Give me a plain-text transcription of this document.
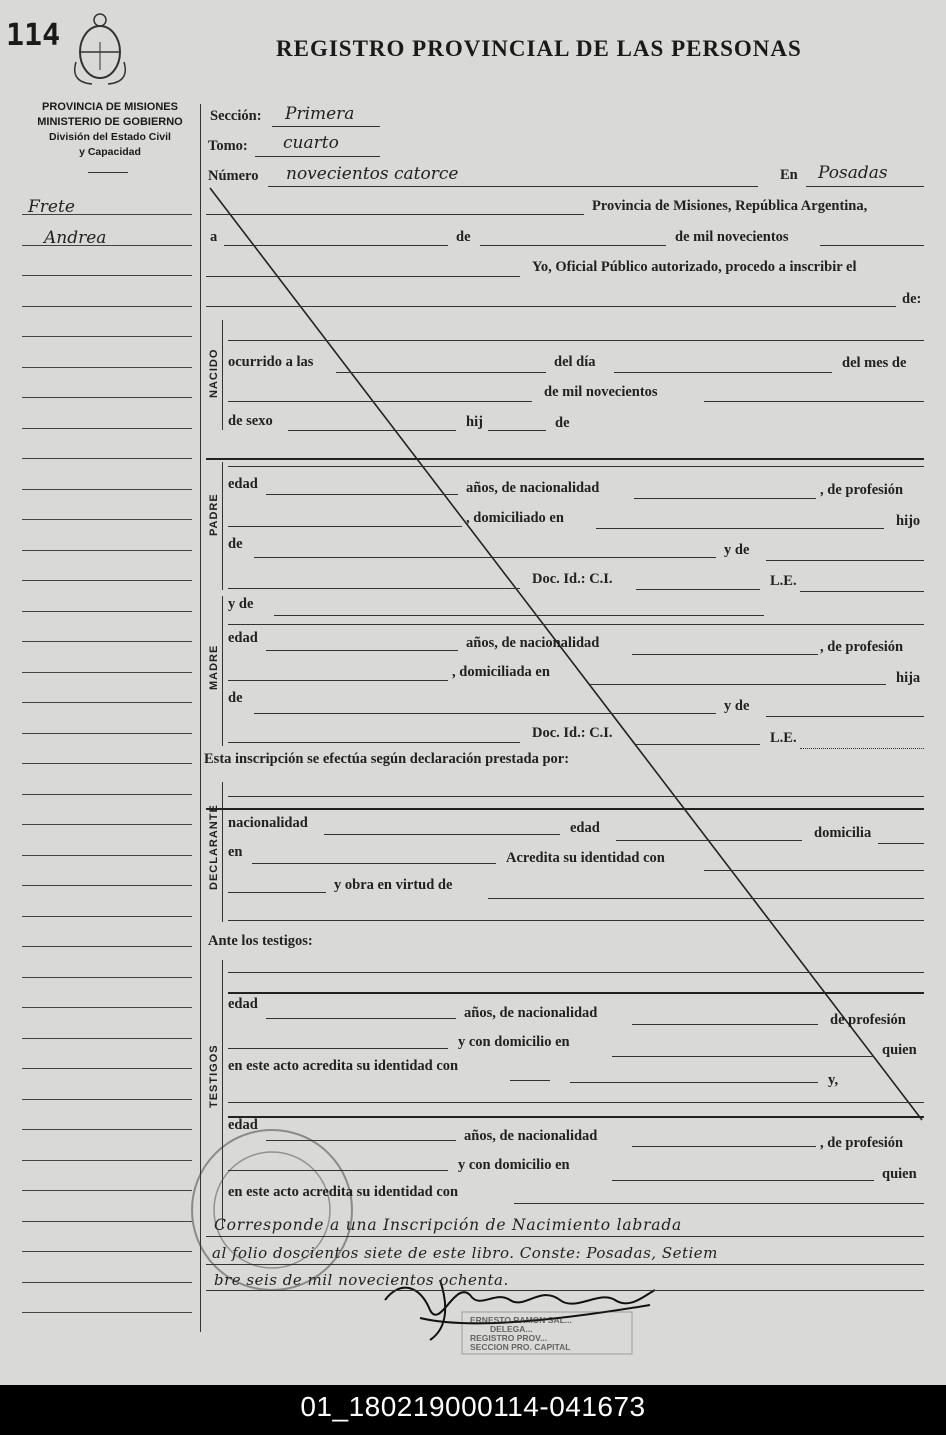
114	REGISTRO PROVINCIAL DE LAS PERSONAS
PROVINCIA DE MISIONES
MINISTERIO DE GOBIERNO
División del Estado Civil
y Capacidad
Frete
Andrea
Sección: Primera
Tomo: cuarto
Número novecientos catorce	En Posadas
Provincia de Misiones, República Argentina,
a	de	de mil novecientos
Yo, Oficial Público autorizado, procedo a inscribir el
de:
NACIDO ocurrido a las	del día	del mes de
de mil novecientos
de sexo	hij	de
PADRE
edad	años, de nacionalidad	, de profesión
, domiciliado en	hijo
de	y de
Doc. Id.: C.I.	L.E.
MADRE
y de
edad	años, de nacionalidad	, de profesión
, domiciliada en	hija
de	y de
Doc. Id.: C.I.	L.E.
Esta inscripción se efectúa según declaración prestada por:
DECLARANTE nacionalidad	edad	domicilia
en	Acredita su identidad con
y obra en virtud de
Ante los testigos:
TESTIGOS
edad
años, de nacionalidad	de profesión
y con domicilio en	quien
en este acto acredita su identidad con
y,
edad
años, de nacionalidad	, de profesión
y con domicilio en
quien
en este acto acredita su identidad con
Corresponde a una Inscripción de Nacimiento labrada
al folio doscientos siete de este libro. Conste: Posadas, Setiem
bre seis de mil novecientos ochenta.
ERNESTO RAMON SAL...
DELEGA...
REGISTRO PROV...
SECCION PRO. CAPITAL
01_180219000114-041673
